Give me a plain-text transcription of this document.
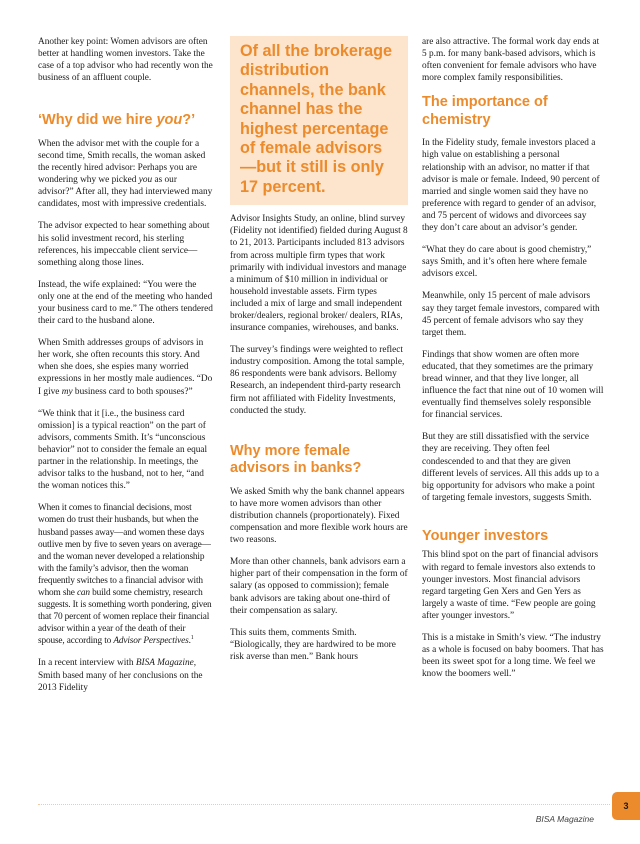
Another key point: Women advisors are often better at handling women investors. Take the case of a top advisor who had recently won the business of an affluent couple.

‘Why did we hire you?’

When the advisor met with the couple for a second time, Smith recalls, the woman asked the recently hired advisor: Perhaps you are wondering why we picked you as our advisor?” After all, they had interviewed many candidates, most with impressive credentials.

The advisor expected to hear something about his solid investment record, his sterling references, his impeccable client service—something along those lines.

Instead, the wife explained: “You were the only one at the end of the meeting who handed your business card to me.” The others tendered their card to the husband alone.

When Smith addresses groups of advisors in her work, she often recounts this story. And when she does, she espies many worried expressions in her mostly male audiences. “Do I give my business card to both spouses?”

“We think that it [i.e., the business card omission] is a typical reaction” on the part of advisors, comments Smith. It’s “unconscious behavior” not to consider the female an equal partner in the relationship. In meetings, the advisor talks to the husband, not to her, “and the woman notices this.”

When it comes to financial decisions, most women do trust their husbands, but when the husband passes away—and women these days outlive men by five to seven years on average—and the woman never developed a relationship with the family’s advisor, then the woman frequently switches to a financial advisor with whom she can build some chemistry, research suggests. It is something worth pondering, given that 70 percent of women replace their financial advisor within a year of the death of their spouse, according to Advisor Perspectives.$^1$

In a recent interview with BISA Magazine, Smith based many of her conclusions on the 2013 Fidelity

Of all the brokerage distribution channels, the bank channel has the highest percentage of female advisors—but it still is only 17 percent.

Advisor Insights Study, an online, blind survey (Fidelity not identified) fielded during August 8 to 21, 2013. Participants included 813 advisors from across multiple firm types that work primarily with individual investors and manage a minimum of $10 million in individual or household investable assets. Firm types included a mix of large and small independent broker/dealers, regional broker/ dealers, RIAs, insurance companies, wirehouses, and banks.

The survey’s findings were weighted to reflect industry composition. Among the total sample, 86 respondents were bank advisors. Bellomy Research, an independent third-party research firm not affiliated with Fidelity Investments, conducted the study.

Why more female advisors in banks?

We asked Smith why the bank channel appears to have more women advisors than other distribution channels (proportionately). Fixed compensation and more flexible work hours are two reasons.

More than other channels, bank advisors earn a higher part of their compensation in the form of salary (as opposed to commission); female bank advisors are taking about one-third of their compensation as salary.

This suits them, comments Smith. “Biologically, they are hardwired to be more risk averse than men.” Bank hours

are also attractive. The formal work day ends at 5 p.m. for many bank-based advisors, which is often convenient for female advisors who have more complex family responsibilities.

The importance of chemistry

In the Fidelity study, female investors placed a high value on establishing a personal relationship with an advisor, no matter if that advisor is male or female. Indeed, 90 percent of married and single women said they have no preference with regard to gender of an advisor, and 75 percent of widows and divorcees say they don’t care about an advisor’s gender.

“What they do care about is good chemistry,” says Smith, and it’s often here where female advisors excel.

Meanwhile, only 15 percent of male advisors say they target female investors, compared with 45 percent of female advisors who say they target them.

Findings that show women are often more educated, that they sometimes are the primary bread winner, and that they live longer, all influence the fact that nine out of 10 women will eventually find themselves solely responsible for financial services.

But they are still dissatisfied with the service they are receiving. They often feel condescended to and that they are given different levels of services. All this adds up to a big opportunity for advisors who make a point of targeting female investors, suggests Smith.

Younger investors

This blind spot on the part of financial advisors with regard to female investors also extends to younger investors. Most financial advisors regard targeting Gen Xers and Gen Yers as largely a waste of time. “Few people are going after younger investors.”

This is a mistake in Smith’s view. “The industry as a whole is focused on baby boomers. That has been its sweet spot for a long time. We feel we know the boomers well.”

BISA Magazine
3
